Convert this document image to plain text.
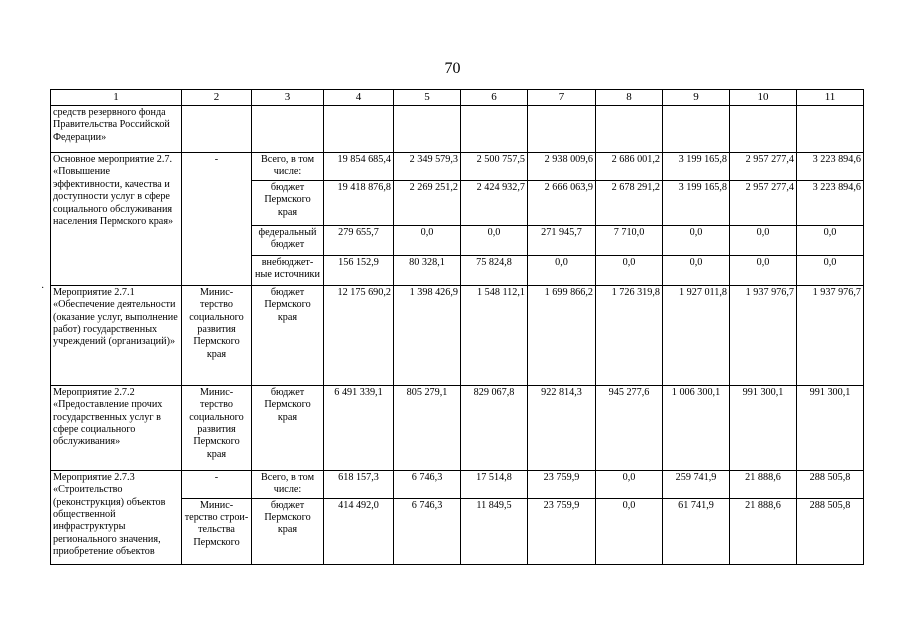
70
·
1	2	3	4	5	6	7	8	9	10	11
средств резервного фонда Правительства Российской Федерации»										
Основное мероприятие 2.7. «Повышение эффективности, качества и доступности услуг в сфере социального обслуживания населения Пермского края»	-	Всего, в том числе:	19 854 685,4	2 349 579,3	2 500 757,5	2 938 009,6	2 686 001,2	3 199 165,8	2 957 277,4	3 223 894,6
		бюджет Пермского края	19 418 876,8	2 269 251,2	2 424 932,7	2 666 063,9	2 678 291,2	3 199 165,8	2 957 277,4	3 223 894,6
		федеральный бюджет	279 655,7	0,0	0,0	271 945,7	7 710,0	0,0	0,0	0,0
		внебюджет-ные источники	156 152,9	80 328,1	75 824,8	0,0	0,0	0,0	0,0	0,0
Мероприятие 2.7.1 «Обеспечение деятельности (оказание услуг, выполнение работ) государственных учреждений (организаций)»	Минис-терство социального развития Пермского края	бюджет Пермского края	12 175 690,2	1 398 426,9	1 548 112,1	1 699 866,2	1 726 319,8	1 927 011,8	1 937 976,7	1 937 976,7
Мероприятие 2.7.2 «Предоставление прочих государственных услуг в сфере социального обслуживания»	Минис-терство социального развития Пермского края	бюджет Пермского края	6 491 339,1	805 279,1	829 067,8	922 814,3	945 277,6	1 006 300,1	991 300,1	991 300,1
Мероприятие 2.7.3 «Строительство (реконструкция) объектов общественной инфраструктуры регионального значения, приобретение объектов	-	Всего, в том числе:	618 157,3	6 746,3	17 514,8	23 759,9	0,0	259 741,9	21 888,6	288 505,8
	Минис-терство строи-тельства Пермского	бюджет Пермского края	414 492,0	6 746,3	11 849,5	23 759,9	0,0	61 741,9	21 888,6	288 505,8
